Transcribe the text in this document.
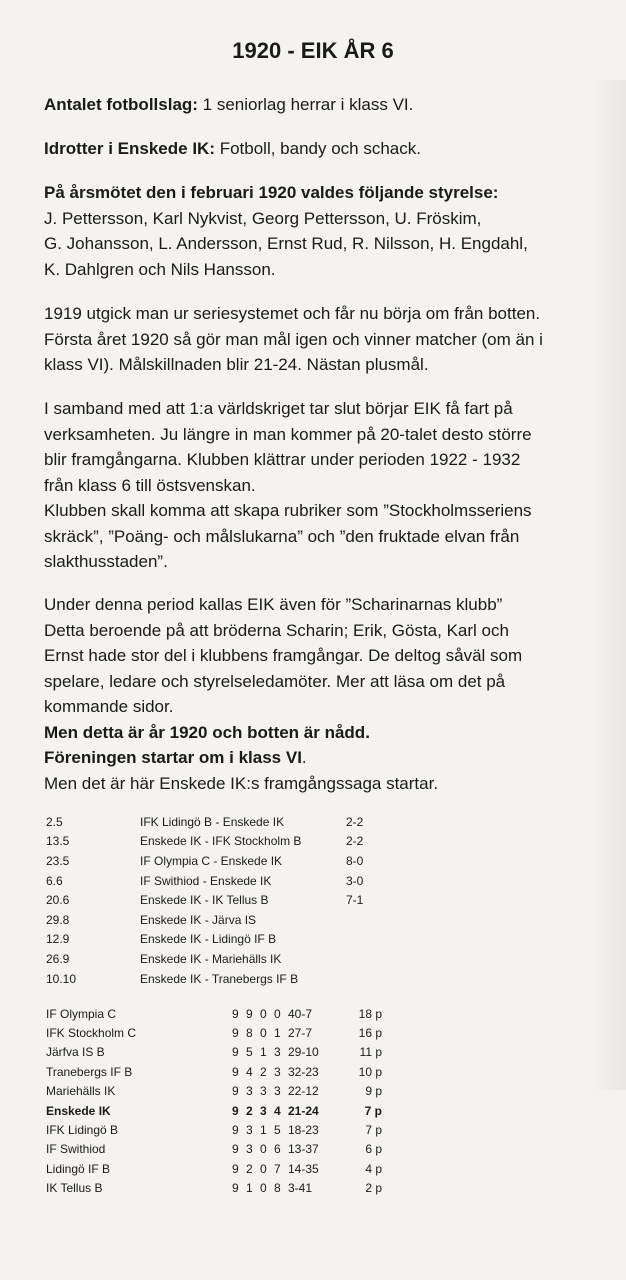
1920 - EIK ÅR 6

Antalet fotbollslag: 1 seniorlag herrar i klass VI.

Idrotter i Enskede IK: Fotboll, bandy och schack.

På årsmötet den i februari 1920 valdes följande styrelse:
J. Pettersson, Karl Nykvist, Georg Pettersson, U. Fröskim,
G. Johansson, L. Andersson, Ernst Rud, R. Nilsson, H. Engdahl,
K. Dahlgren och Nils Hansson.

1919 utgick man ur seriesystemet och får nu börja om från botten.
Första året 1920 så gör man mål igen och vinner matcher (om än i
klass VI). Målskillnaden blir 21-24. Nästan plusmål.

I samband med att 1:a världskriget tar slut börjar EIK få fart på
verksamheten. Ju längre in man kommer på 20-talet desto större
blir framgångarna. Klubben klättrar under perioden 1922 - 1932
från klass 6 till östsvenskan.
Klubben skall komma att skapa rubriker som ”Stockholmsseriens
skräck”, ”Poäng- och målslukarna” och ”den fruktade elvan från
slakthusstaden”.

Under denna period kallas EIK även för ”Scharinarnas klubb”
Detta beroende på att bröderna Scharin; Erik, Gösta, Karl och
Ernst hade stor del i klubbens framgångar. De deltog såväl som
spelare, ledare och styrelseledamöter. Mer att läsa om det på
kommande sidor.
Men detta är år 1920 och botten är nådd.
Föreningen startar om i klass VI.
Men det är här Enskede IK:s framgångssaga startar.

2.5	IFK Lidingö B - Enskede IK	2-2
13.5	Enskede IK - IFK Stockholm B	2-2
23.5	IF Olympia C - Enskede IK	8-0
6.6	IF Swithiod - Enskede IK	3-0
20.6	Enskede IK - IK Tellus B	7-1
29.8	Enskede IK - Järva IS	
12.9	Enskede IK - Lidingö IF B	
26.9	Enskede IK - Mariehälls IK	
10.10	Enskede IK - Tranebergs IF B	
IF Olympia C	9	9	0	0	40-7	18 p
IFK Stockholm C	9	8	0	1	27-7	16 p
Järfva IS B	9	5	1	3	29-10	11 p
Tranebergs IF B	9	4	2	3	32-23	10 p
Mariehälls IK	9	3	3	3	22-12	9 p
Enskede IK	9	2	3	4	21-24	7 p
IFK Lidingö B	9	3	1	5	18-23	7 p
IF Swithiod	9	3	0	6	13-37	6 p
Lidingö IF B	9	2	0	7	14-35	4 p
IK Tellus B	9	1	0	8	3-41	2 p
